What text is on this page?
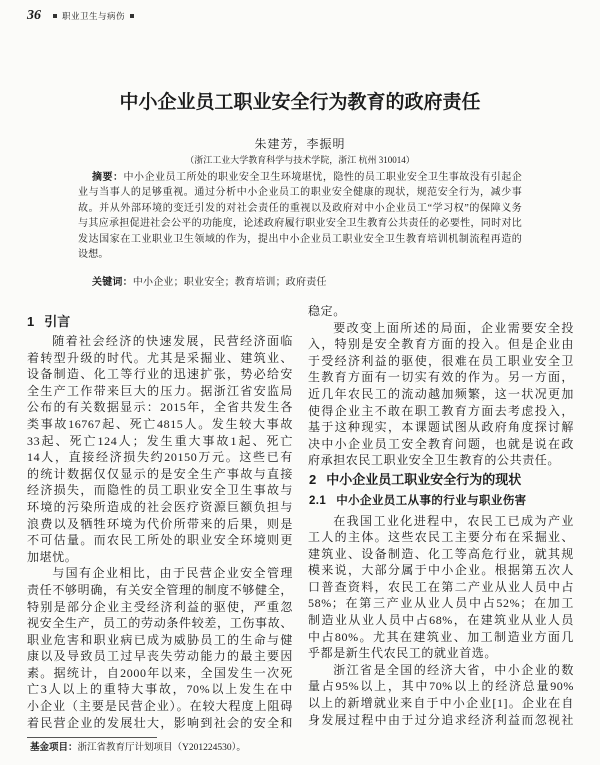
36	职业卫生与病伤
中小企业员工职业安全行为教育的政府责任
朱建芳，李振明
（浙江工业大学教育科学与技术学院，浙江 杭州 310014）
摘要：中小企业员工所处的职业安全卫生环境堪忧，隐性的员工职业安全卫生事故没有引起企
业与当事人的足够重视。通过分析中小企业员工的职业安全健康的现状，规范安全行为，减少事
故。并从外部环境的变迁引发的对社会责任的重视以及政府对中小企业员工“学习权”的保障义务
与其应承担促进社会公平的功能度，论述政府履行职业安全卫生教育公共责任的必要性，同时对比
发达国家在工业职业卫生领域的作为，提出中小企业员工职业安全卫生教育培训机制流程再造的
设想。
关键词：中小企业；职业安全；教育培训；政府责任
1 引言
随着社会经济的快速发展，民营经济面临
着转型升级的时代。尤其是采掘业、建筑业、
设备制造、化工等行业的迅速扩张，势必给安
全生产工作带来巨大的压力。据浙江省安监局
公布的有关数据显示：2015年，全省共发生各
类事故16767起、死亡4815人。发生较大事故
33起、死亡124人；发生重大事故1起、死亡
14人，直接经济损失约20150万元。这些已有
的统计数据仅仅显示的是安全生产事故与直接
经济损失，而隐性的员工职业安全卫生事故与
环境的污染所造成的社会医疗资源巨额负担与
浪费以及牺牲环境为代价所带来的后果，则是
不可估量。而农民工所处的职业安全环境则更
加堪忧。
与国有企业相比，由于民营企业安全管理
责任不够明确，有关安全管理的制度不够健全，
特别是部分企业主受经济利益的驱使，严重忽
视安全生产，员工的劳动条件较差，工伤事故、
职业危害和职业病已成为威胁员工的生命与健
康以及导致员工过早丧失劳动能力的最主要因
素。据统计，自2000年以来，全国发生一次死
亡3人以上的重特大事故，70%以上发生在中
小企业（主要是民营企业）。在较大程度上阻碍
着民营企业的发展壮大，影响到社会的安全和
稳定。
要改变上面所述的局面，企业需要安全投
入，特别是安全教育方面的投入。但是企业由
于受经济利益的驱使，很难在员工职业安全卫
生教育方面有一切实有效的作为。另一方面，
近几年农民工的流动越加频繁，这一状况更加
使得企业主不敢在职工教育方面去考虑投入，
基于这种现实，本课题试图从政府角度探讨解
决中小企业员工安全教育问题，也就是说在政
府承担农民工职业安全卫生教育的公共责任。
2 中小企业员工职业安全行为的现状
2.1 中小企业员工从事的行业与职业伤害
在我国工业化进程中，农民工已成为产业
工人的主体。这些农民工主要分布在采掘业、
建筑业、设备制造、化工等高危行业，就其规
模来说，大部分属于中小企业。根据第五次人
口普查资料，农民工在第二产业从业人员中占
58%；在第三产业从业人员中占52%；在加工
制造业从业人员中占68%，在建筑业从业人员
中占80%。尤其在建筑业、加工制造业方面几
乎都是新生代农民工的就业首选。
浙江省是全国的经济大省，中小企业的数
量占95%以上，其中70%以上的经济总量90%
以上的新增就业来自于中小企业[1]。企业在自
身发展过程中由于过分追求经济利益而忽视社
基金项目：浙江省教育厅计划项目（Y201224530）。
